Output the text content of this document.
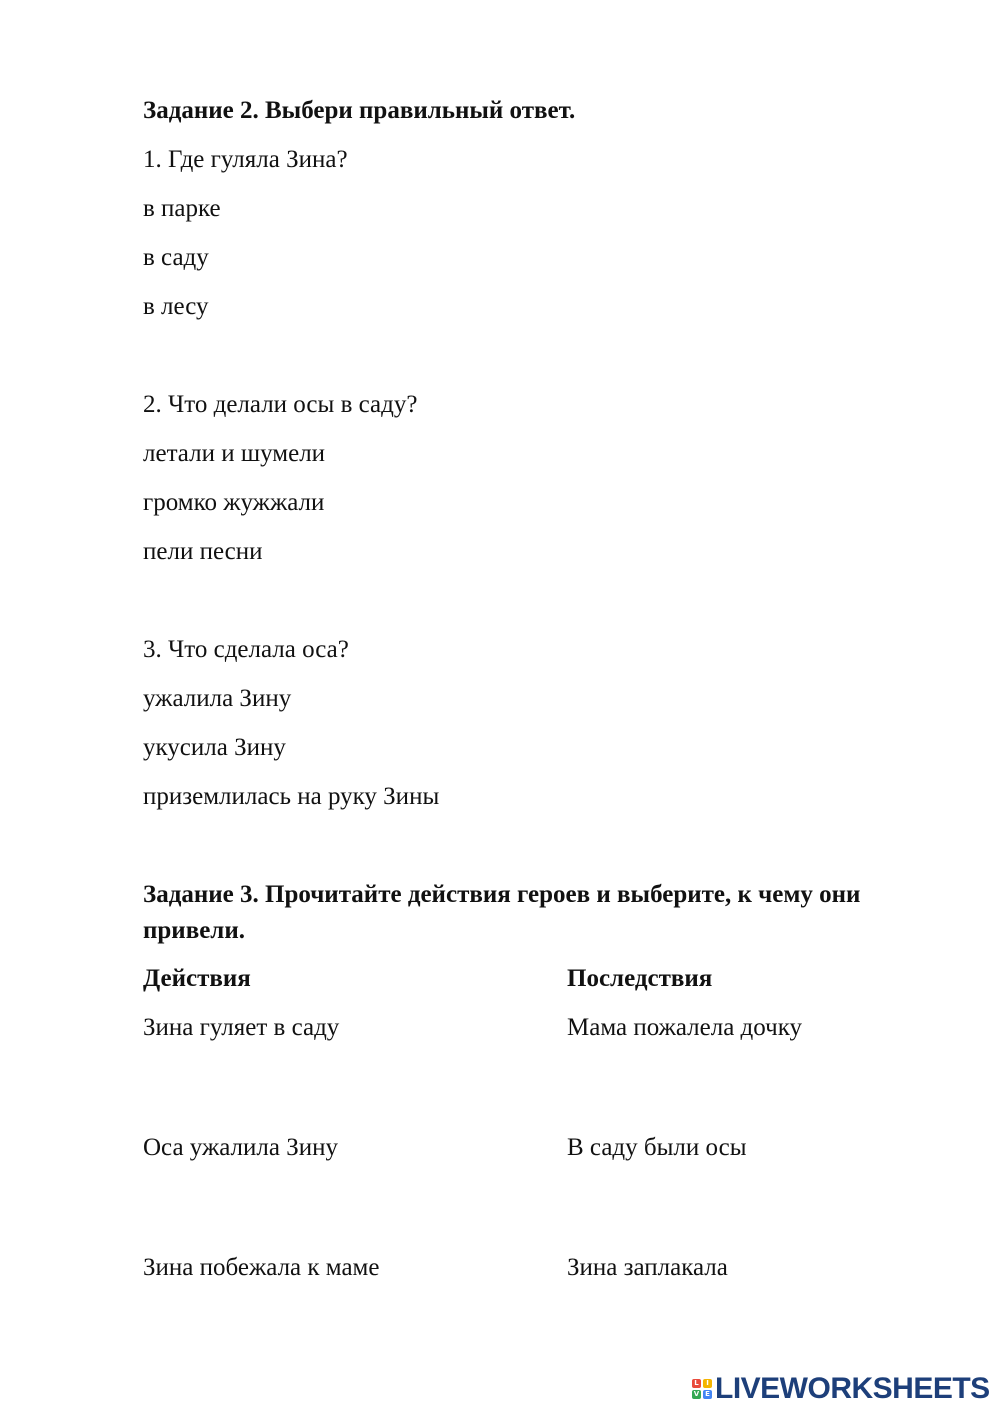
Задание 2. Выбери правильный ответ.
1. Где гуляла Зина?
в парке
в саду
в лесу
2. Что делали осы в саду?
летали и шумели
громко жужжали
пели песни
3. Что сделала оса?
ужалила Зину
укусила Зину
приземлилась на руку Зины
Задание 3. Прочитайте действия героев и выберите, к чему они привели.
Действия	Последствия
Зина гуляет в саду	Мама пожалела дочку
Оса ужалила Зину	В саду были осы
Зина побежала к маме	Зина заплакала
L	I
V E LIVEWORKSHEETS
